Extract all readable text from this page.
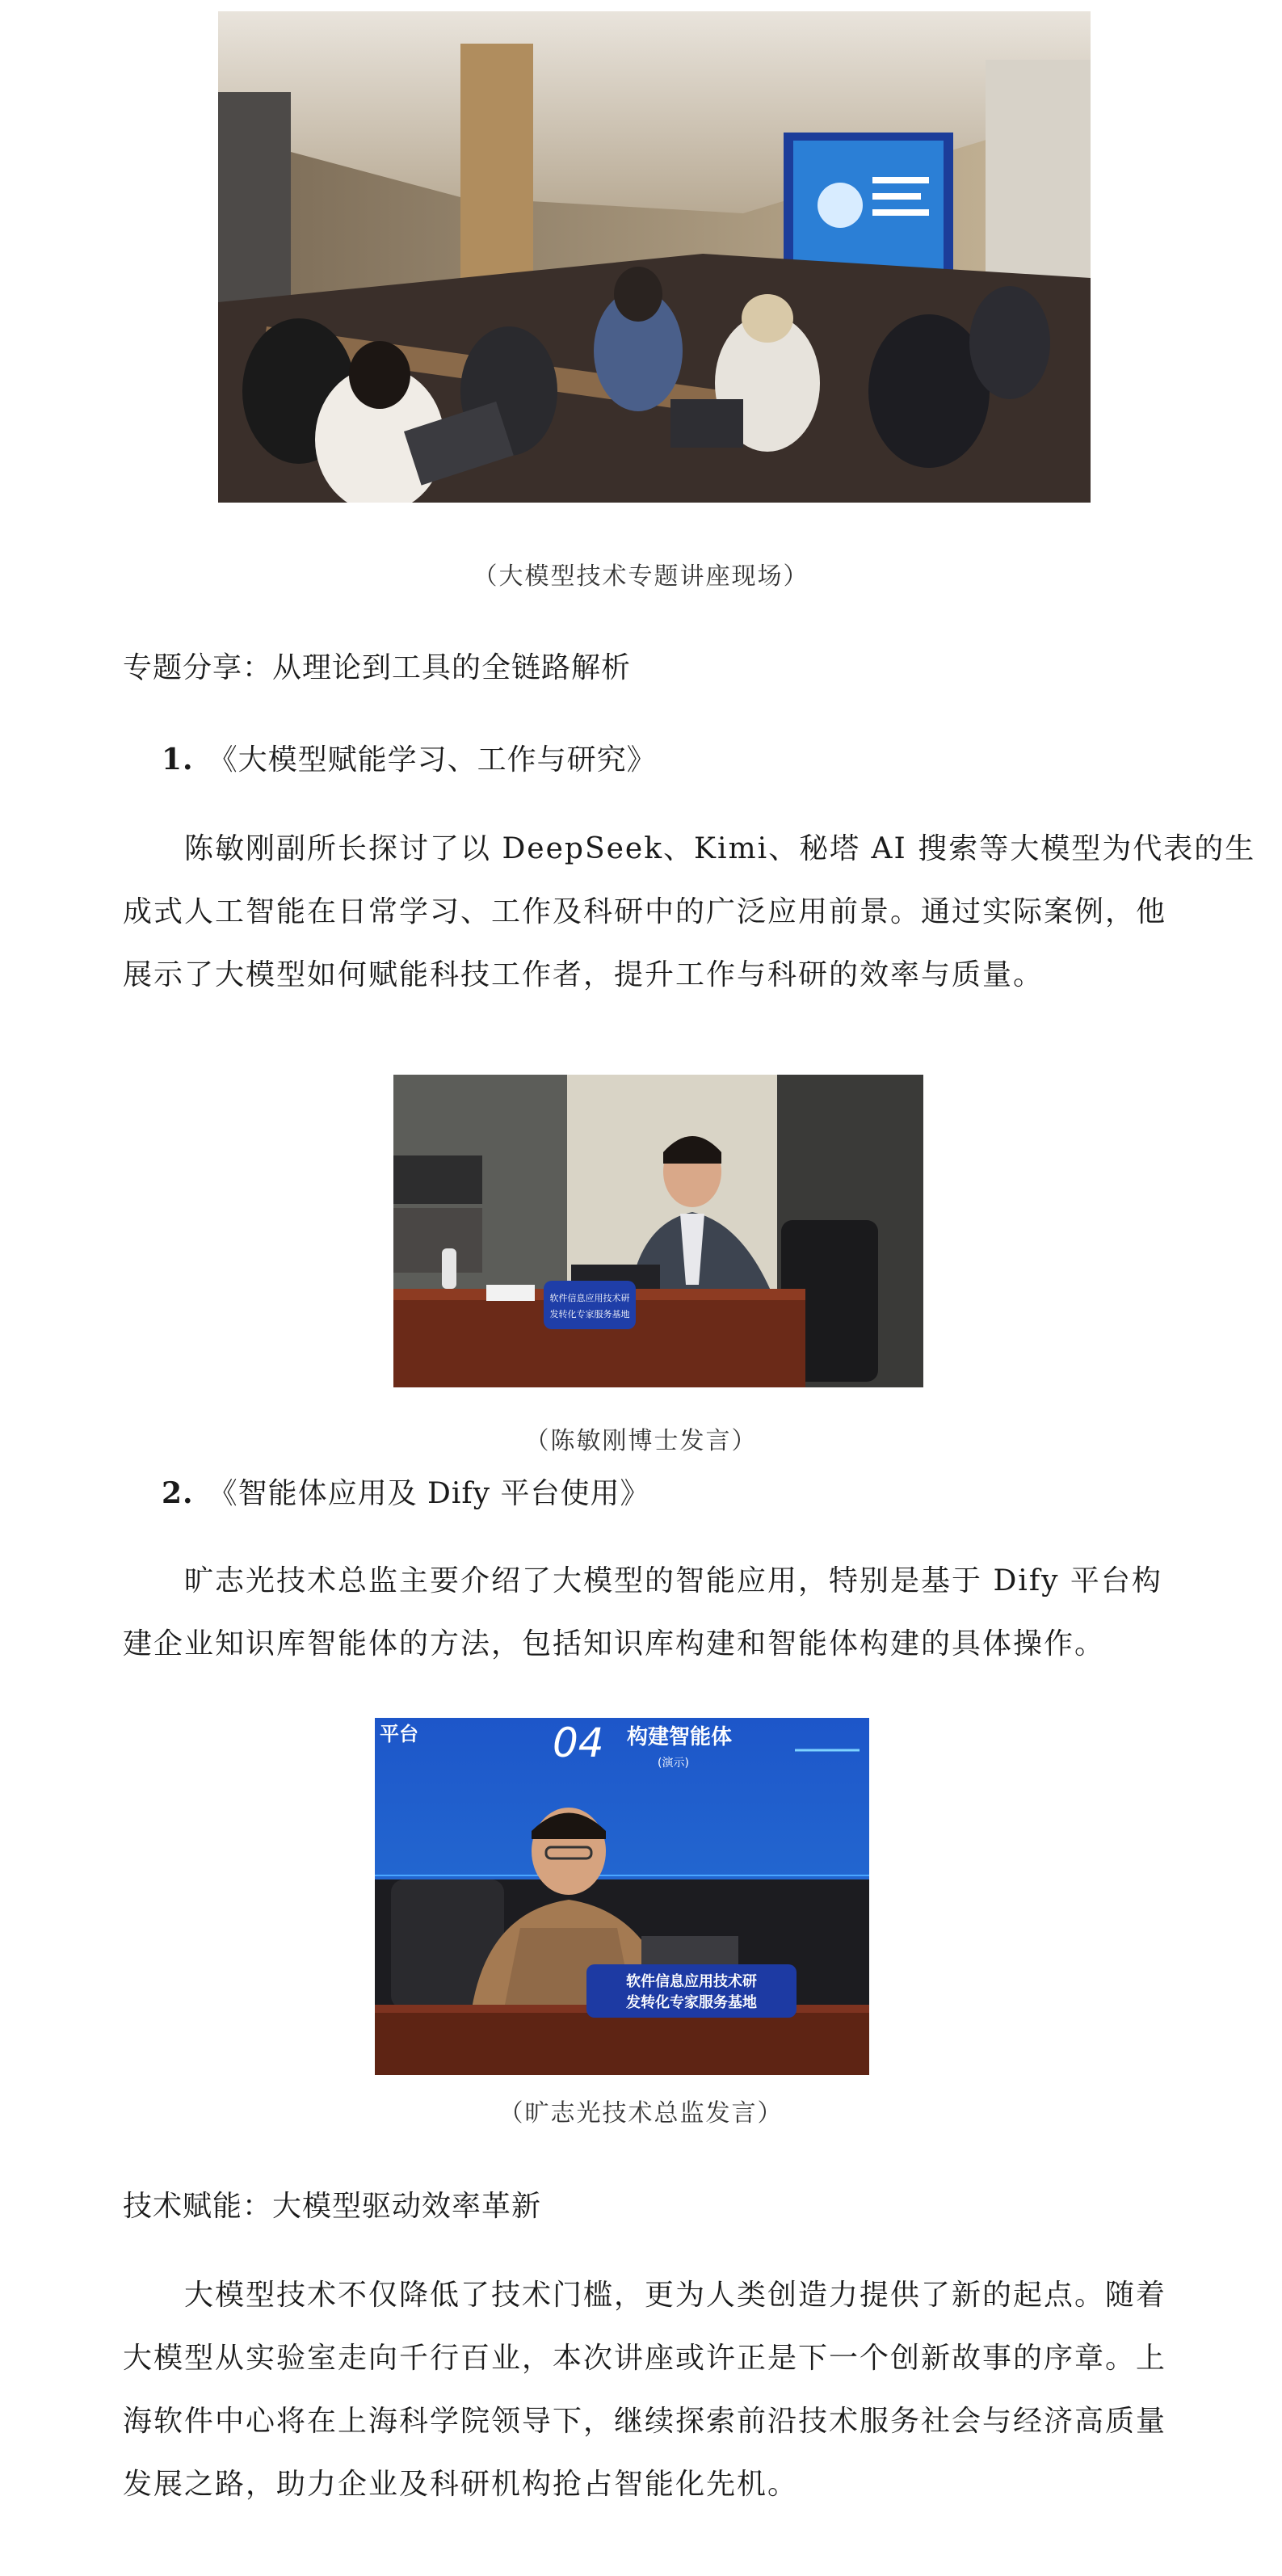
（大模型技术专题讲座现场）
专题分享：从理论到工具的全链路解析
1. 《大模型赋能学习、工作与研究》
陈敏刚副所长探讨了以 DeepSeek、Kimi、秘塔 AI 搜索等大模型为代表的生
成式人工智能在日常学习、工作及科研中的广泛应用前景。通过实际案例，他
展示了大模型如何赋能科技工作者，提升工作与科研的效率与质量。
软件信息应用技术研
发转化专家服务基地
（陈敏刚博士发言）
2. 《智能体应用及 Dify 平台使用》
旷志光技术总监主要介绍了大模型的智能应用，特别是基于 Dify 平台构
建企业知识库智能体的方法，包括知识库构建和智能体构建的具体操作。
平台	04 构建智能体
(演示)
软件信息应用技术研
发转化专家服务基地
（旷志光技术总监发言）
技术赋能：大模型驱动效率革新
大模型技术不仅降低了技术门槛，更为人类创造力提供了新的起点。随着
大模型从实验室走向千行百业，本次讲座或许正是下一个创新故事的序章。上
海软件中心将在上海科学院领导下，继续探索前沿技术服务社会与经济高质量
发展之路，助力企业及科研机构抢占智能化先机。
